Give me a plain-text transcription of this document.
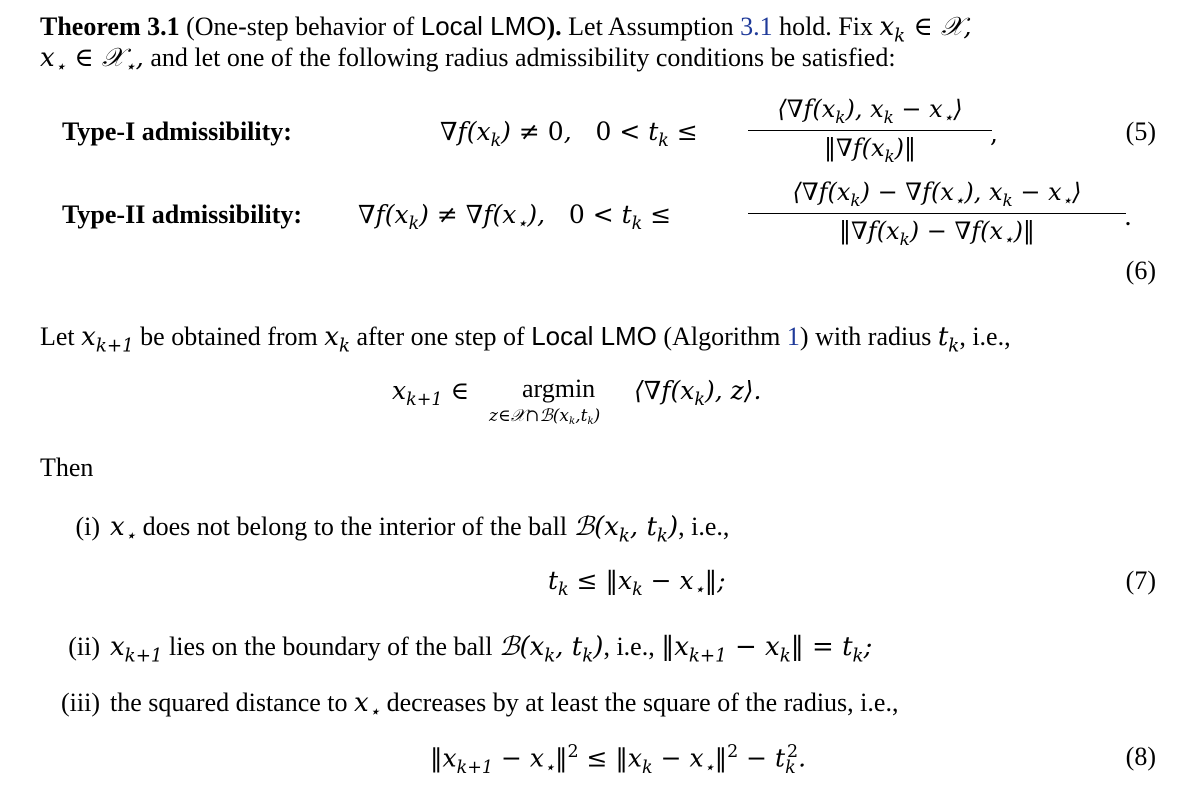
Theorem 3.1 (One-step behavior of Local LMO). Let Assumption 3.1 hold. Fix $x_k$ ∈ 𝒳,
$x_⋆$ ∈ 𝒳$_⋆$, and let one of the following radius admissibility conditions be satisfied:
Type-I admissibility:	$\nabla f(x_k) \ne 0$,   $0 < t_k$ ≤
$⟨\nabla f(x_k)$, $x_k$ − $x_⋆⟩$
$‖\nabla f(x_k)‖$
,	(5)
Type-II admissibility: $\nabla f(x_k) \ne \nabla f(x_⋆)$,   $0 < t_k$ ≤
$⟨\nabla f(x_k) - \nabla f(x_⋆)$, $x_k$ − $x_⋆⟩$
$‖\nabla f(x_k)$ − $\nabla f(x_⋆)‖$
.
(6)
Let $x_{k+1}$ be obtained from $x_k$ after one step of Local LMO (Algorithm 1) with radius $t_k$, i.e.,
$x_{k+1}$ ∈ argmin
z∈𝒳∩ℬ(xk,tk)
$⟨\nabla f(x_k)$, z⟩.
Then
(i) $x_⋆$ does not belong to the interior of the ball $ℬ(x_k$, $t_k$), i.e.,
$t_k$ ≤ $‖x_k$ − $x_⋆‖$;	(7)
(ii) $x_{k+1}$ lies on the boundary of the ball $ℬ(x_k$, $t_k$), i.e., $‖x_{k+1}$ − $x_k‖ = t_k$;
(iii) the squared distance to $x_⋆$ decreases by at least the square of the radius, i.e.,
$‖x_{k+1}$ − $x_⋆‖^2$ ≤ $‖x_k$ − $x_⋆‖^2 - t_k^2$.	(8)
